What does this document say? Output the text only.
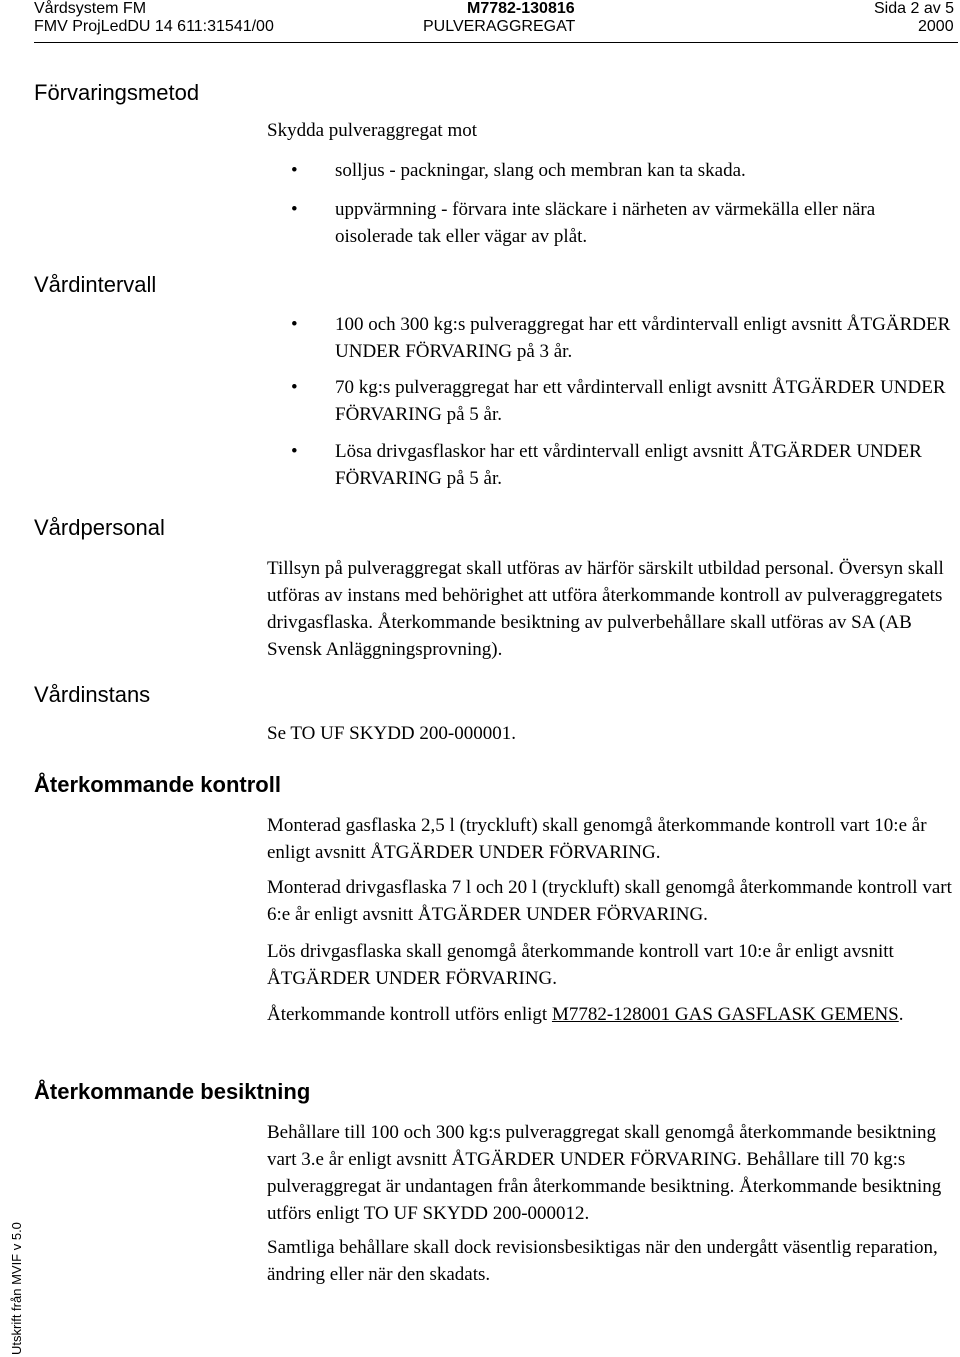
Vårdsystem FM	M7782-130816	Sida 2 av 5
FMV ProjLedDU 14 611:31541/00	PULVERAGGREGAT	2000
Förvaringsmetod

Skydda pulveraggregat mot

• solljus - packningar, slang och membran kan ta skada.
• uppvärmning - förvara inte släckare i närheten av värmekälla eller nära oisolerade tak eller vägar av plåt.
Vårdintervall
• 100 och 300 kg:s pulveraggregat har ett vårdintervall enligt avsnitt ÅTGÄRDER UNDER FÖRVARING på 3 år.
• 70 kg:s pulveraggregat har ett vårdintervall enligt avsnitt ÅTGÄRDER UNDER FÖRVARING på 5 år.
• Lösa drivgasflaskor har ett vårdintervall enligt avsnitt ÅTGÄRDER UNDER FÖRVARING på 5 år.
Vårdpersonal

Tillsyn på pulveraggregat skall utföras av härför särskilt utbildad personal. Översyn skall utföras av instans med behörighet att utföra återkommande kontroll av pulveraggregatets drivgasflaska. Återkommande besiktning av pulverbehållare skall utföras av SA (AB Svensk Anläggningsprovning).

Vårdinstans

Se TO UF SKYDD 200-000001.

Återkommande kontroll

Monterad gasflaska 2,5 l (tryckluft) skall genomgå återkommande kontroll vart 10:e år enligt avsnitt ÅTGÄRDER UNDER FÖRVARING.

Monterad drivgasflaska 7 l och 20 l (tryckluft) skall genomgå återkommande kontroll vart 6:e år enligt avsnitt ÅTGÄRDER UNDER FÖRVARING.

Lös drivgasflaska skall genomgå återkommande kontroll vart 10:e år enligt avsnitt ÅTGÄRDER UNDER FÖRVARING.

Återkommande kontroll utförs enligt M7782-128001 GAS GASFLASK GEMENS.

Återkommande besiktning

Behållare till 100 och 300 kg:s pulveraggregat skall genomgå återkommande besiktning vart 3.e år enligt avsnitt ÅTGÄRDER UNDER FÖRVARING. Behållare till 70 kg:s pulveraggregat är undantagen från återkommande besiktning. Återkommande besiktning utförs enligt TO UF SKYDD 200-000012.

Samtliga behållare skall dock revisionsbesiktigas när den undergått väsentlig reparation, ändring eller när den skadats.

Utskrift från MVIF v 5.0
